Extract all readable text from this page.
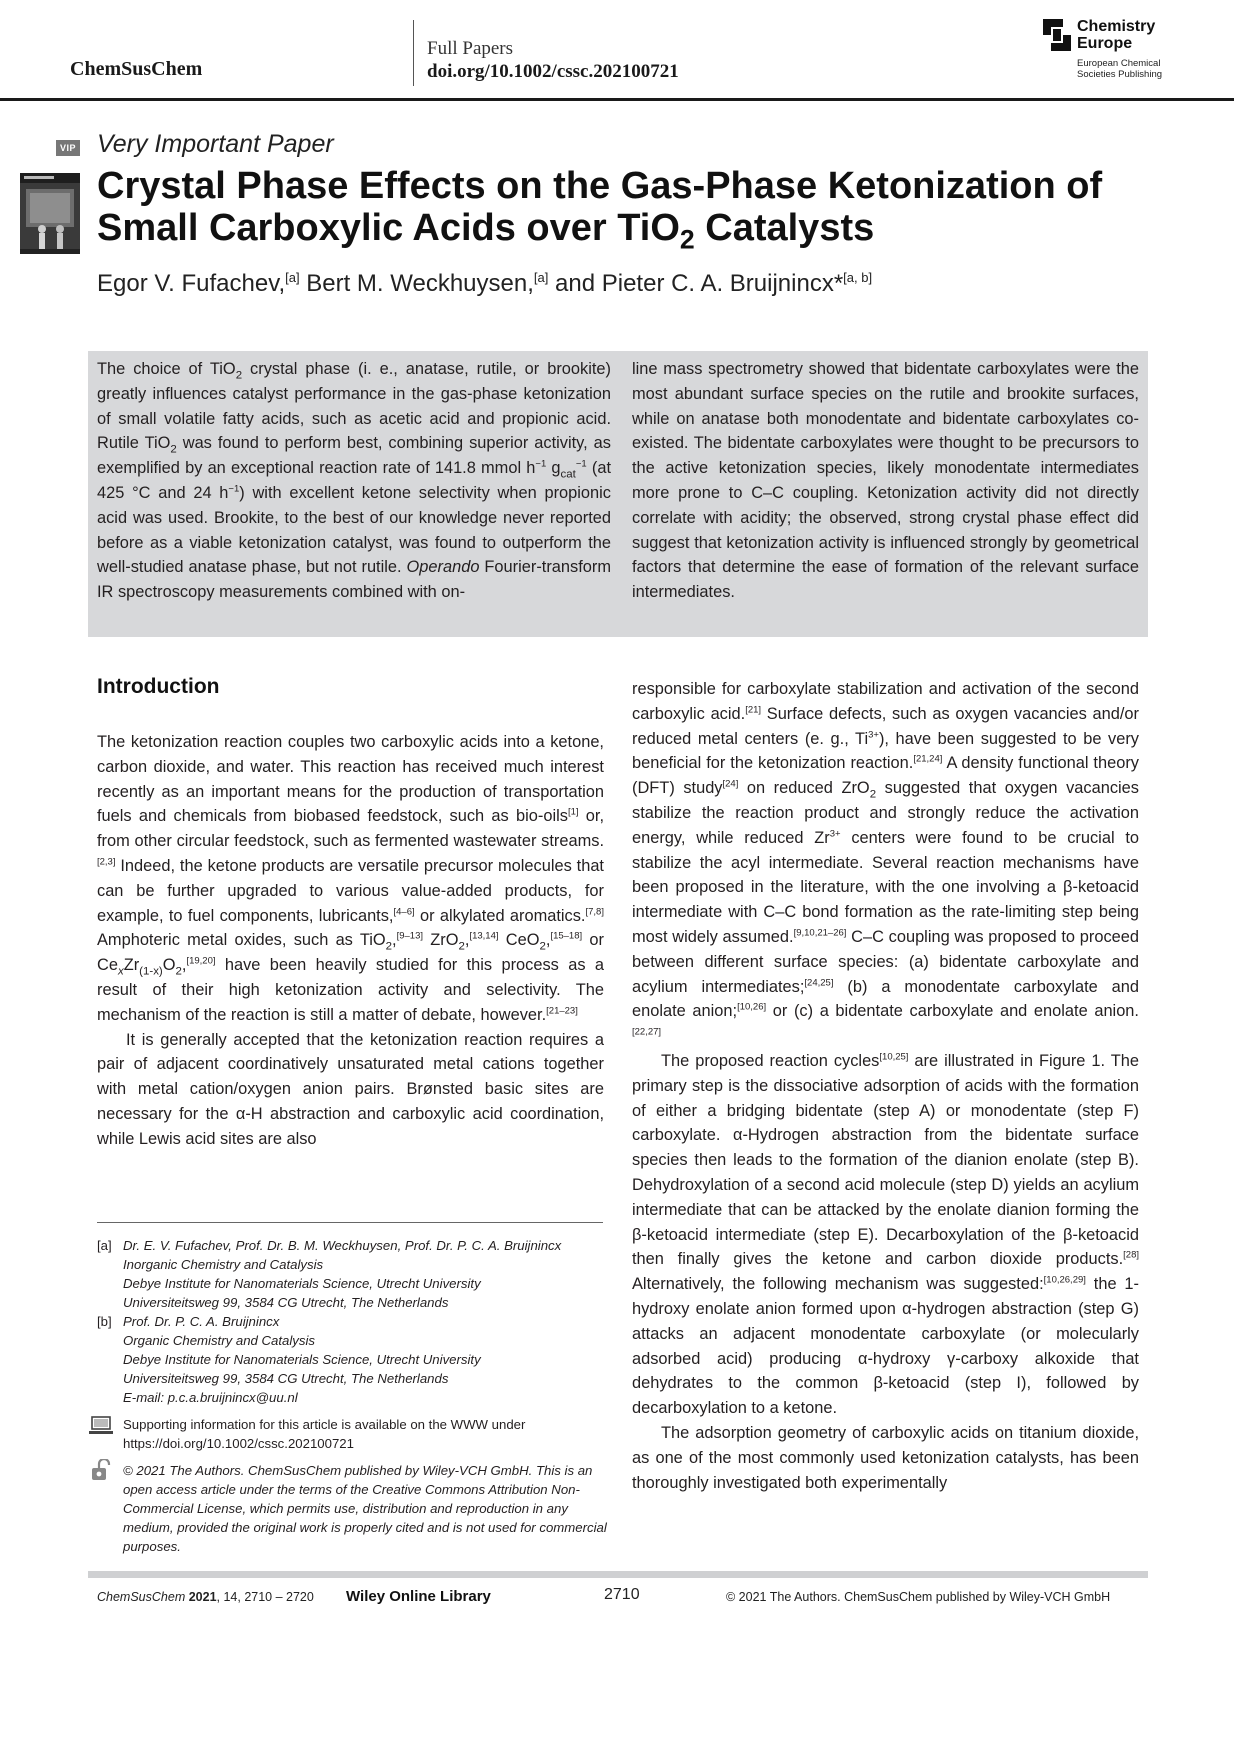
ChemSusChem
Full Papers
doi.org/10.1002/cssc.202100721
Chemistry
Europe
European Chemical
Societies Publishing
VIP Very Important Paper
Crystal Phase Effects on the Gas-Phase Ketonization of Small Carboxylic Acids over TiO$_2$ Catalysts
Egor V. Fufachev,[a] Bert M. Weckhuysen,[a] and Pieter C. A. Bruijnincx*[a, b]

The choice of TiO$_2$ crystal phase (i. e., anatase, rutile, or brookite) greatly influences catalyst performance in the gas-phase ketonization of small volatile fatty acids, such as acetic acid and propionic acid. Rutile TiO$_2$ was found to perform best, combining superior activity, as exemplified by an exceptional reaction rate of 141.8 mmol $h^{-1}$ $g_{cat}^{-1}$ (at 425 °C and 24 $h^{-1}$) with excellent ketone selectivity when propionic acid was used. Brookite, to the best of our knowledge never reported before as a viable ketonization catalyst, was found to outperform the well-studied anatase phase, but not rutile. Operando Fourier-transform IR spectroscopy measurements combined with on-

line mass spectrometry showed that bidentate carboxylates were the most abundant surface species on the rutile and brookite surfaces, while on anatase both monodentate and bidentate carboxylates co-existed. The bidentate carboxylates were thought to be precursors to the active ketonization species, likely monodentate intermediates more prone to C–C coupling. Ketonization activity did not directly correlate with acidity; the observed, strong crystal phase effect did suggest that ketonization activity is influenced strongly by geometrical factors that determine the ease of formation of the relevant surface intermediates.

Introduction

The ketonization reaction couples two carboxylic acids into a ketone, carbon dioxide, and water. This reaction has received much interest recently as an important means for the production of transportation fuels and chemicals from biobased feedstock, such as bio-oils[1] or, from other circular feedstock, such as fermented wastewater streams.[2,3] Indeed, the ketone products are versatile precursor molecules that can be further upgraded to various value-added products, for example, to fuel components, lubricants,[4–6] or alkylated aromatics.[7,8] Amphoteric metal oxides, such as TiO$_2$,[9–13] ZrO$_2$,[13,14] CeO$_2$,[15–18] or $Ce_xZr_{(1-x)}O_2,[19,20]$ have been heavily studied for this process as a result of their high ketonization activity and selectivity. The mechanism of the reaction is still a matter of debate, however.[21–23]

It is generally accepted that the ketonization reaction requires a pair of adjacent coordinatively unsaturated metal cations together with metal cation/oxygen anion pairs. Brønsted basic sites are necessary for the α-H abstraction and carboxylic acid coordination, while Lewis acid sites are also

[a] Dr. E. V. Fufachev, Prof. Dr. B. M. Weckhuysen, Prof. Dr. P. C. A. Bruijnincx
Inorganic Chemistry and Catalysis
Debye Institute for Nanomaterials Science, Utrecht University
Universiteitsweg 99, 3584 CG Utrecht, The Netherlands
[b] Prof. Dr. P. C. A. Bruijnincx
Organic Chemistry and Catalysis
Debye Institute for Nanomaterials Science, Utrecht University
Universiteitsweg 99, 3584 CG Utrecht, The Netherlands
E-mail: p.c.a.bruijnincx@uu.nl
Supporting information for this article is available on the WWW under https://doi.org/10.1002/cssc.202100721
© 2021 The Authors. ChemSusChem published by Wiley-VCH GmbH. This is an open access article under the terms of the Creative Commons Attribution Non-Commercial License, which permits use, distribution and reproduction in any medium, provided the original work is properly cited and is not used for commercial purposes.

responsible for carboxylate stabilization and activation of the second carboxylic acid.[21] Surface defects, such as oxygen vacancies and/or reduced metal centers (e. g., $Ti^{3+}$), have been suggested to be very beneficial for the ketonization reaction.[21,24] A density functional theory (DFT) study[24] on reduced ZrO$_2$ suggested that oxygen vacancies stabilize the reaction product and strongly reduce the activation energy, while reduced $Zr^{3+}$ centers were found to be crucial to stabilize the acyl intermediate. Several reaction mechanisms have been proposed in the literature, with the one involving a β-ketoacid intermediate with C–C bond formation as the rate-limiting step being most widely assumed.[9,10,21–26] C–C coupling was proposed to proceed between different surface species: (a) bidentate carboxylate and acylium intermediates;[24,25] (b) a monodentate carboxylate and enolate anion;[10,26] or (c) a bidentate carboxylate and enolate anion.[22,27]

The proposed reaction cycles[10,25] are illustrated in Figure 1. The primary step is the dissociative adsorption of acids with the formation of either a bridging bidentate (step A) or monodentate (step F) carboxylate. α-Hydrogen abstraction from the bidentate surface species then leads to the formation of the dianion enolate (step B). Dehydroxylation of a second acid molecule (step D) yields an acylium intermediate that can be attacked by the enolate dianion forming the β-ketoacid intermediate (step E). Decarboxylation of the β-ketoacid then finally gives the ketone and carbon dioxide products.[28] Alternatively, the following mechanism was suggested:[10,26,29] the 1-hydroxy enolate anion formed upon α-hydrogen abstraction (step G) attacks an adjacent monodentate carboxylate (or molecularly adsorbed acid) producing α-hydroxy γ-carboxy alkoxide that dehydrates to the common β-ketoacid (step I), followed by decarboxylation to a ketone.

The adsorption geometry of carboxylic acids on titanium dioxide, as one of the most commonly used ketonization catalysts, has been thoroughly investigated both experimentally

ChemSusChem 2021, 14, 2710 – 2720 Wiley Online Library	2710	© 2021 The Authors. ChemSusChem published by Wiley-VCH GmbH
